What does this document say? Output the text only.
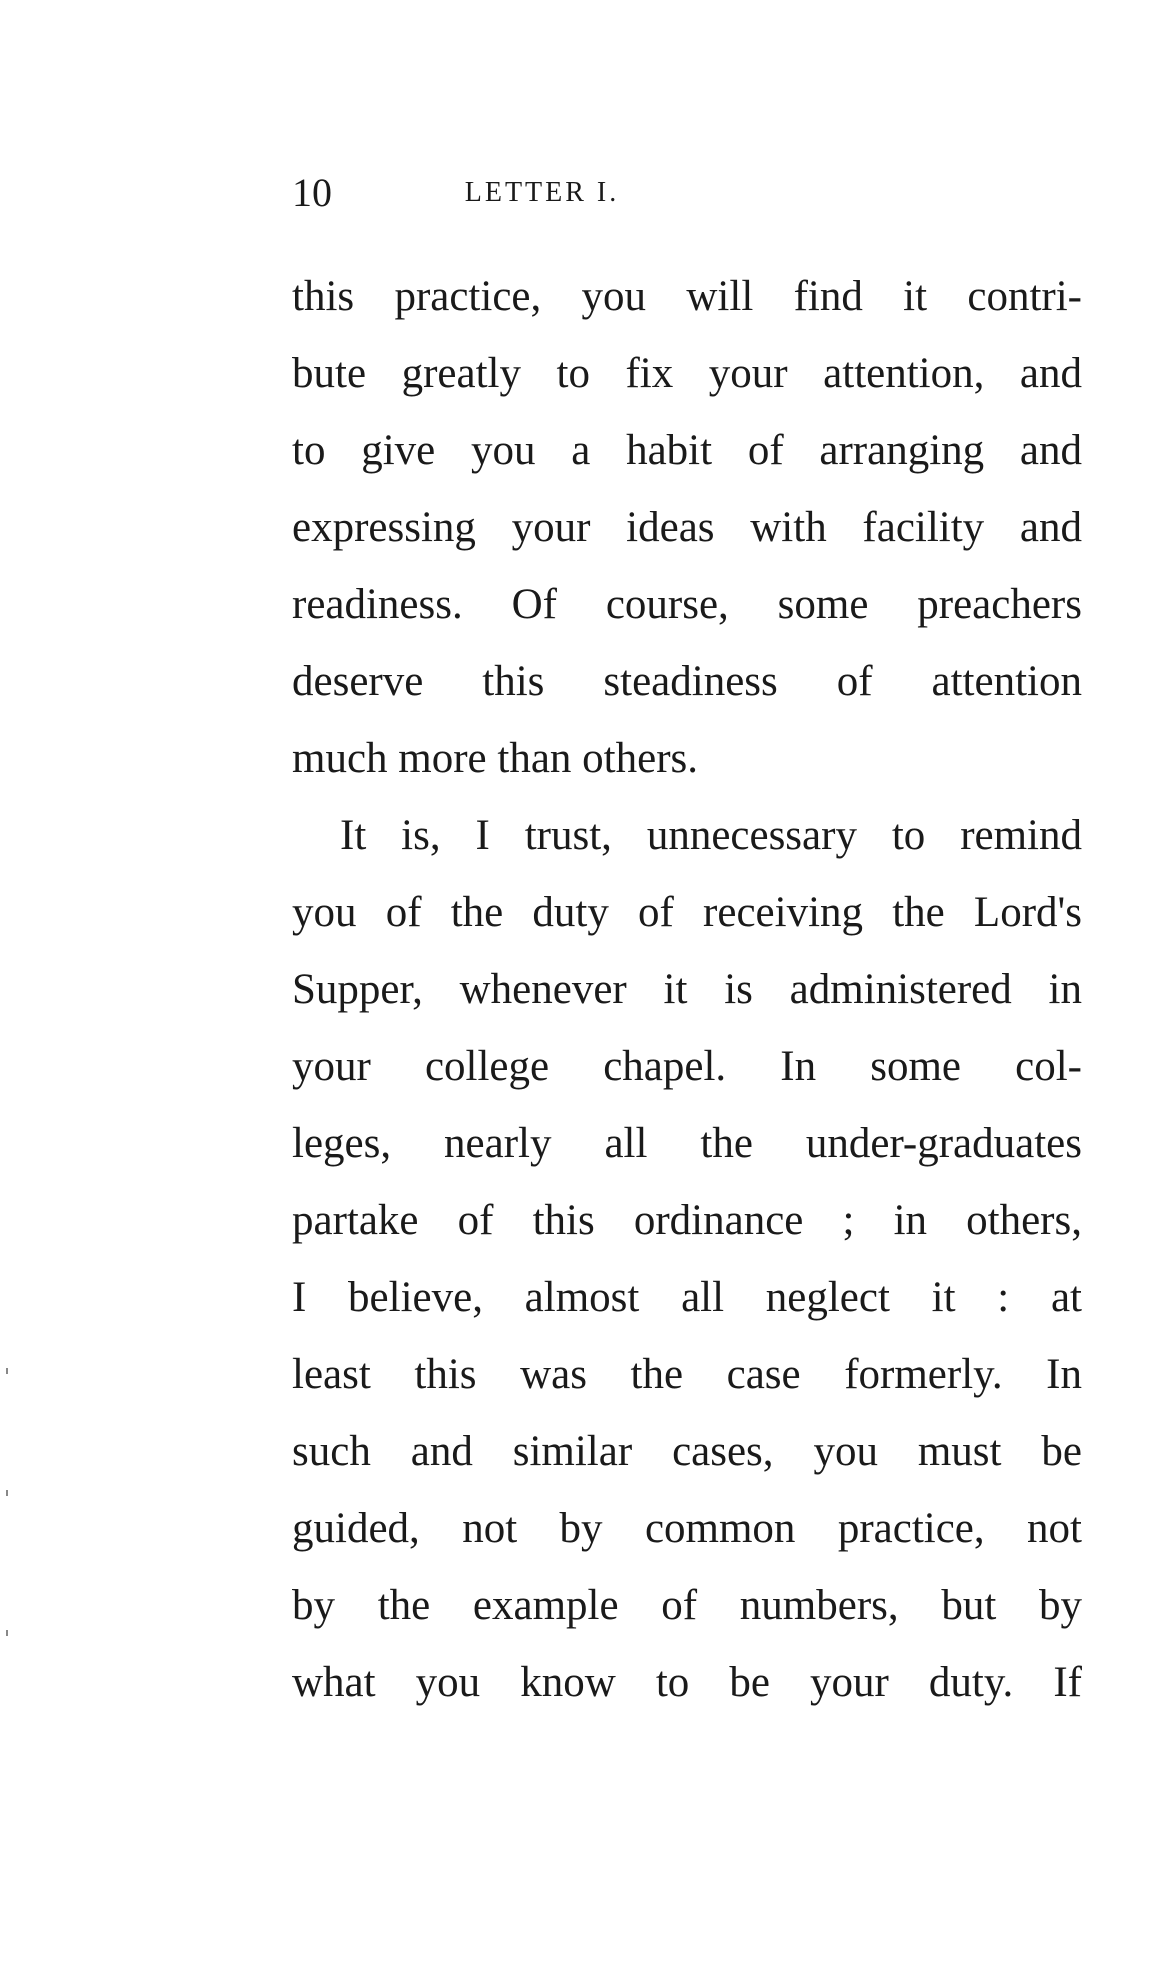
10	LETTER I.
this practice, you will find it contri-
bute greatly to fix your attention, and
to give you a habit of arranging and
expressing your ideas with facility and
readiness. Of course, some preachers
deserve this steadiness of attention
much more than others.
It is, I trust, unnecessary to remind
you of the duty of receiving the Lord's
Supper, whenever it is administered in
your college chapel. In some col-
leges, nearly all the under-graduates
partake of this ordinance ; in others,
I believe, almost all neglect it : at
least this was the case formerly. In
such and similar cases, you must be
guided, not by common practice, not
by the example of numbers, but by
what you know to be your duty. If
